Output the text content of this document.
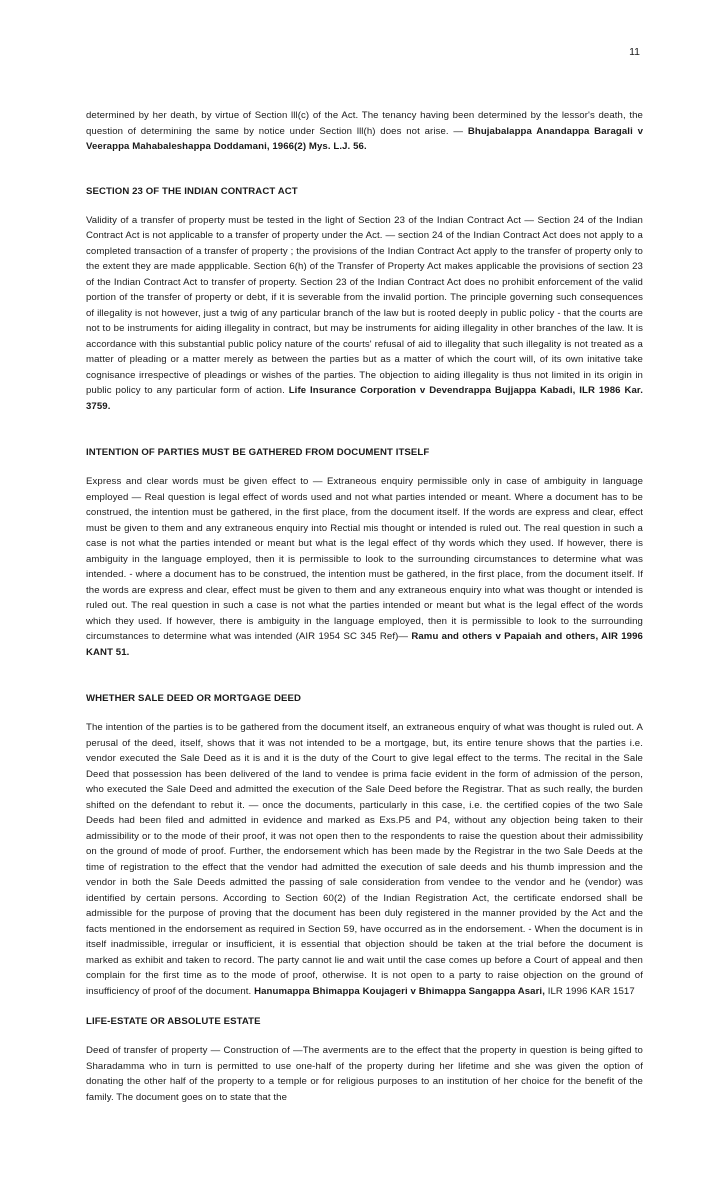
11

determined by her death, by virtue of Section lll(c) of the Act. The tenancy having been determined by the lessor's death, the question of determining the same by notice under Section lll(h) does not arise. — Bhujabalappa Anandappa Baragali v Veerappa Mahabaleshappa Doddamani, 1966(2) Mys. L.J. 56.

SECTION 23 OF THE INDIAN CONTRACT ACT

Validity of a transfer of property must be tested in the light of Section 23 of the Indian Contract Act — Section 24 of the Indian Contract Act is not applicable to a transfer of property under the Act. — section 24 of the Indian Contract Act does not apply to a completed transaction of a transfer of property ; the provisions of the Indian Contract Act apply to the transfer of property only to the extent they are made appplicable. Section 6(h) of the Transfer of Property Act makes applicable the provisions of section 23 of the Indian Contract Act to transfer of property. Section 23 of the Indian Contract Act does no prohibit enforcement of the valid portion of the transfer of property or debt, if it is severable from the invalid portion. The principle governing such consequences of illegality is not however, just a twig of any particular branch of the law but is rooted deeply in public policy - that the courts are not to be instruments for aiding illegality in contract, but may be instruments for aiding illegality in other branches of the law. It is accordance with this substantial public policy nature of the courts' refusal of aid to illegality that such illegality is not treated as a matter of pleading or a matter merely as between the parties but as a matter of which the court will, of its own initative take cognisance irrespective of pleadings or wishes of the parties. The objection to aiding illegality is thus not limited in its origin in public policy to any particular form of action. Life Insurance Corporation v Devendrappa Bujjappa Kabadi, ILR 1986 Kar. 3759.

INTENTION OF PARTIES MUST BE GATHERED FROM DOCUMENT ITSELF

Express and clear words must be given effect to — Extraneous enquiry permissible only in case of ambiguity in language employed — Real question is legal effect of words used and not what parties intended or meant. Where a document has to be construed, the intention must be gathered, in the first place, from the document itself. If the words are express and clear, effect must be given to them and any extraneous enquiry into Rectial mis thought or intended is ruled out. The real question in such a case is not what the parties intended or meant but what is the legal effect of thy words which they used. If however, there is ambiguity in the language employed, then it is permissible to look to the surrounding circumstances to determine what was intended. - where a document has to be construed, the intention must be gathered, in the first place, from the document itself. If the words are express and clear, effect must be given to them and any extraneous enquiry into what was thought or intended is ruled out. The real question in such a case is not what the parties intended or meant but what is the legal effect of the words which they used. If however, there is ambiguity in the language employed, then it is permissible to look to the surrounding circumstances to determine what was intended (AIR 1954 SC 345 Ref)— Ramu and others v Papaiah and others, AIR 1996 KANT 51.

WHETHER SALE DEED OR MORTGAGE DEED

The intention of the parties is to be gathered from the document itself, an extraneous enquiry of what was thought is ruled out. A perusal of the deed, itself, shows that it was not intended to be a mortgage, but, its entire tenure shows that the parties i.e. vendor executed the Sale Deed as it is and it is the duty of the Court to give legal effect to the terms. The recital in the Sale Deed that possession has been delivered of the land to vendee is prima facie evident in the form of admission of the person, who executed the Sale Deed and admitted the execution of the Sale Deed before the Registrar. That as such really, the burden shifted on the defendant to rebut it. — once the documents, particularly in this case, i.e. the certified copies of the two Sale Deeds had been filed and admitted in evidence and marked as Exs.P5 and P4, without any objection being taken to their admissibility or to the mode of their proof, it was not open then to the respondents to raise the question about their admissibility on the ground of mode of proof. Further, the endorsement which has been made by the Registrar in the two Sale Deeds at the time of registration to the effect that the vendor had admitted the execution of sale deeds and his thumb impression and the vendor in both the Sale Deeds admitted the passing of sale consideration from vendee to the vendor and he (vendor) was identified by certain persons. According to Section 60(2) of the Indian Registration Act, the certificate endorsed shall be admissible for the purpose of proving that the document has been duly registered in the manner provided by the Act and the facts mentioned in the endorsement as required in Section 59, have occurred as in the endorsement. - When the document is in itself inadmissible, irregular or insufficient, it is essential that objection should be taken at the trial before the document is marked as exhibit and taken to record. The party cannot lie and wait until the case comes up before a Court of appeal and then complain for the first time as to the mode of proof, otherwise. It is not open to a party to raise objection on the ground of insufficiency of proof of the document. Hanumappa Bhimappa Koujageri v Bhimappa Sangappa Asari, ILR 1996 KAR 1517

LIFE-ESTATE OR ABSOLUTE ESTATE

Deed of transfer of property — Construction of —The averments are to the effect that the property in question is being gifted to Sharadamma who in turn is permitted to use one-half of the property during her lifetime and she was given the option of donating the other half of the property to a temple or for religious purposes to an institution of her choice for the benefit of the family. The document goes on to state that the
